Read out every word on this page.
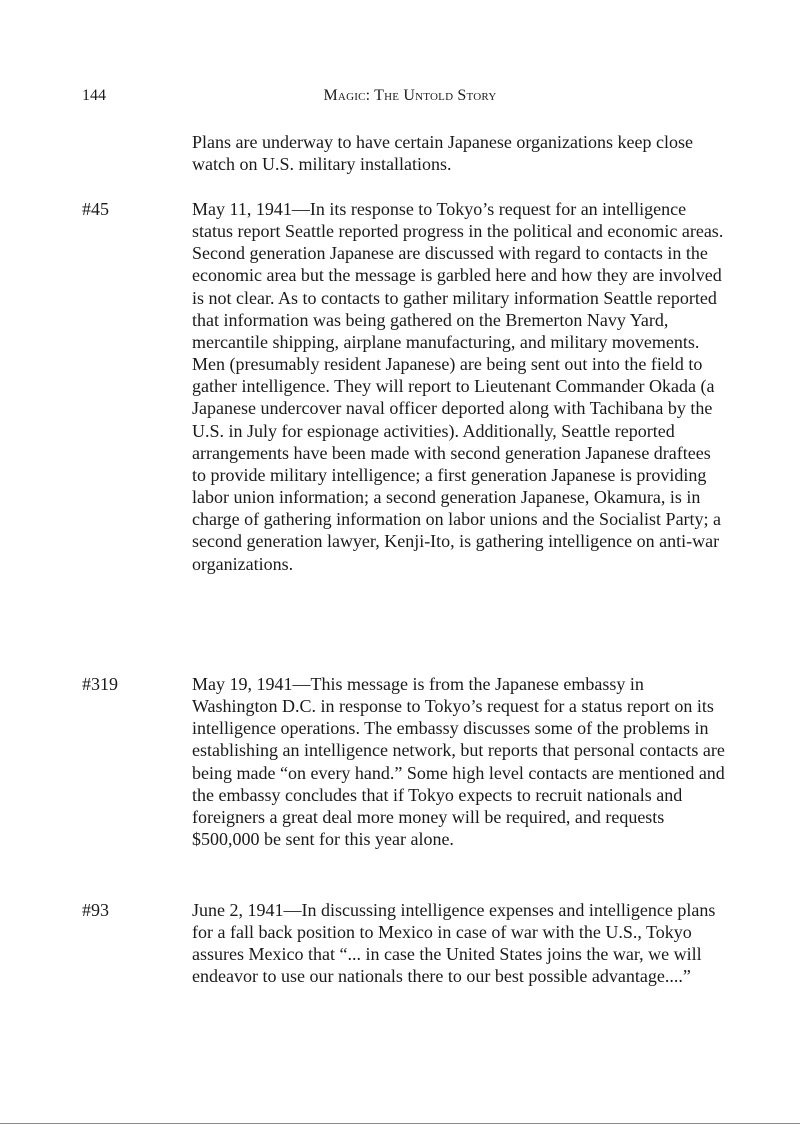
144	Magic: The Untold Story

Plans are underway to have certain Japanese organizations keep close watch on U.S. military installations.

#45	May 11, 1941—In its response to Tokyo’s request for an intelligence status report Seattle reported progress in the political and economic areas. Second generation Japanese are discussed with regard to contacts in the economic area but the message is garbled here and how they are involved is not clear. As to contacts to gather military information Seattle reported that information was being gathered on the Bremerton Navy Yard, mercantile shipping, airplane manufacturing, and military movements. Men (presumably resident Japanese) are being sent out into the field to gather intelligence. They will report to Lieutenant Commander Okada (a Japanese undercover naval officer deported along with Tachibana by the U.S. in July for espionage activities). Additionally, Seattle reported arrangements have been made with second generation Japanese draftees to provide military intelligence; a first generation Japanese is providing labor union information; a second generation Japanese, Okamura, is in charge of gathering information on labor unions and the Socialist Party; a second generation lawyer, Kenji-Ito, is gathering intelligence on anti-war organizations.

#319	May 19, 1941—This message is from the Japanese embassy in Washington D.C. in response to Tokyo’s request for a status report on its intelligence operations. The embassy discusses some of the problems in establishing an intelligence network, but reports that personal contacts are being made “on every hand.” Some high level contacts are mentioned and the embassy concludes that if Tokyo expects to recruit nationals and foreigners a great deal more money will be required, and requests $500,000 be sent for this year alone.

#93	June 2, 1941—In discussing intelligence expenses and intelligence plans for a fall back position to Mexico in case of war with the U.S., Tokyo assures Mexico that “... in case the United States joins the war, we will endeavor to use our nationals there to our best possible advantage....”
